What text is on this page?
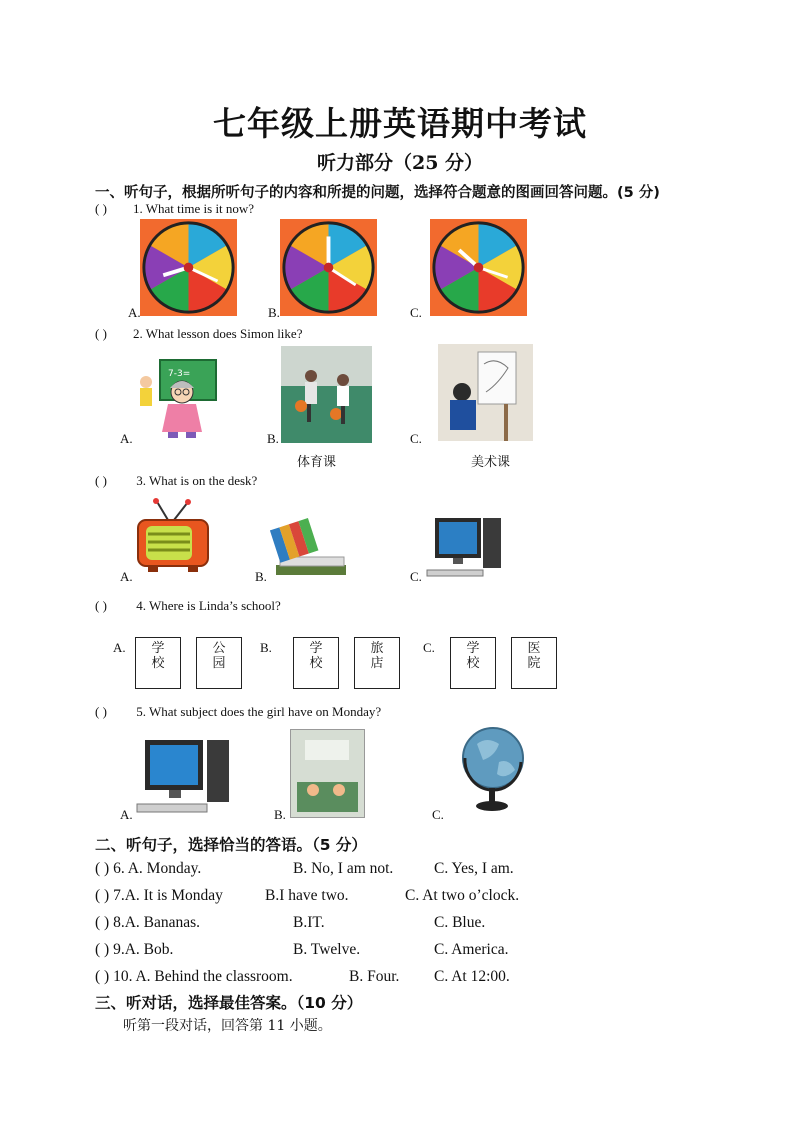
七年级上册英语期中考试
听力部分（25 分）
一、听句子，根据所听句子的内容和所提的问题，选择符合题意的图画回答问题。(5 分)
( ) 1. What time is it now?
A.	B.	C.
( ) 2. What lesson does Simon like?
7-3=
A.	B.	C.
体育课	美术课
( ) 3. What is on the desk?
A.	B.	C.
( ) 4. Where is Linda’s school?
A.	B.	C.
学
校
公
园
学
校
旅
店
学
校
医
院
( ) 5. What subject does the girl have on Monday?
A.	B.	C.
二、听句子，选择恰当的答语。（5 分）
( ) 6. A. Monday.	B. No, I am not.	C. Yes, I am.
( ) 7.A. It is Monday	B.I have two.	C. At two o’clock.
( ) 8.A. Bananas.	B.IT.	C. Blue.
( ) 9.A. Bob.	B. Twelve.	C. America.
( ) 10. A. Behind the classroom.	B. Four. C. At 12:00.
三、听对话，选择最佳答案。（10 分）
听第一段对话，回答第 11 小题。
